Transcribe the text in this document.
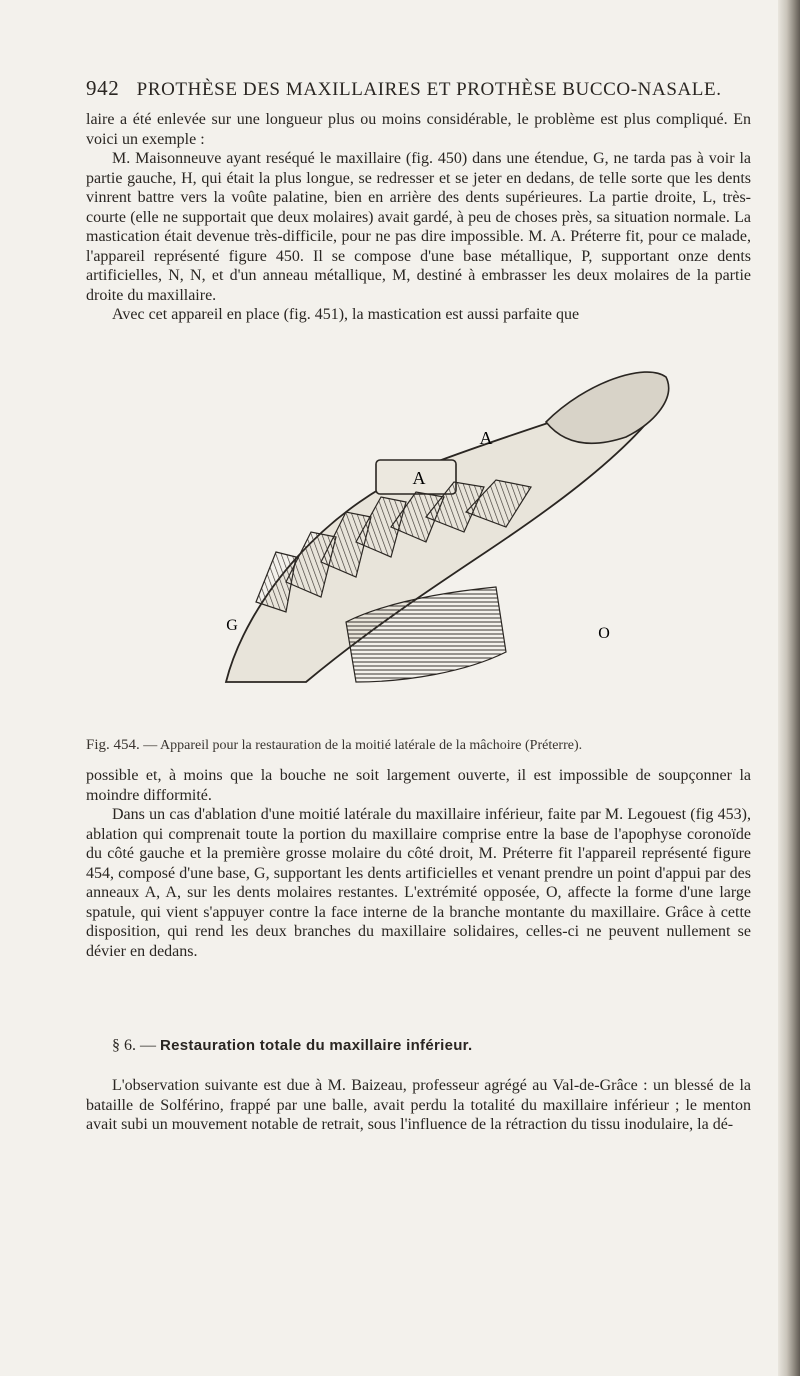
942 PROTHÈSE DES MAXILLAIRES ET PROTHÈSE BUCCO-NASALE.

laire a été enlevée sur une longueur plus ou moins considérable, le problème est plus compliqué. En voici un exemple :

M. Maisonneuve ayant reséqué le maxillaire (fig. 450) dans une étendue, G, ne tarda pas à voir la partie gauche, H, qui était la plus longue, se redresser et se jeter en dedans, de telle sorte que les dents vinrent battre vers la voûte palatine, bien en arrière des dents supérieures. La partie droite, L, très-courte (elle ne supportait que deux molaires) avait gardé, à peu de choses près, sa situation normale. La mastication était devenue très-difficile, pour ne pas dire impossible. M. A. Préterre fit, pour ce malade, l'appareil représenté figure 450. Il se compose d'une base métallique, P, supportant onze dents artificielles, N, N, et d'un anneau métallique, M, destiné à embrasser les deux molaires de la partie droite du maxillaire.

Avec cet appareil en place (fig. 451), la mastication est aussi parfaite que

A
A
G	O
Fig. 454. — Appareil pour la restauration de la moitié latérale de la mâchoire (Préterre).

possible et, à moins que la bouche ne soit largement ouverte, il est impossible de soupçonner la moindre difformité.

Dans un cas d'ablation d'une moitié latérale du maxillaire inférieur, faite par M. Legouest (fig 453), ablation qui comprenait toute la portion du maxillaire comprise entre la base de l'apophyse coronoïde du côté gauche et la première grosse molaire du côté droit, M. Préterre fit l'appareil représenté figure 454, composé d'une base, G, supportant les dents artificielles et venant prendre un point d'appui par des anneaux A, A, sur les dents molaires restantes. L'extrémité opposée, O, affecte la forme d'une large spatule, qui vient s'appuyer contre la face interne de la branche montante du maxillaire. Grâce à cette disposition, qui rend les deux branches du maxillaire solidaires, celles-ci ne peuvent nullement se dévier en dedans.

§ 6. — Restauration totale du maxillaire inférieur.

L'observation suivante est due à M. Baizeau, professeur agrégé au Val-de-Grâce : un blessé de la bataille de Solférino, frappé par une balle, avait perdu la totalité du maxillaire inférieur ; le menton avait subi un mouvement notable de retrait, sous l'influence de la rétraction du tissu inodulaire, la dé-
